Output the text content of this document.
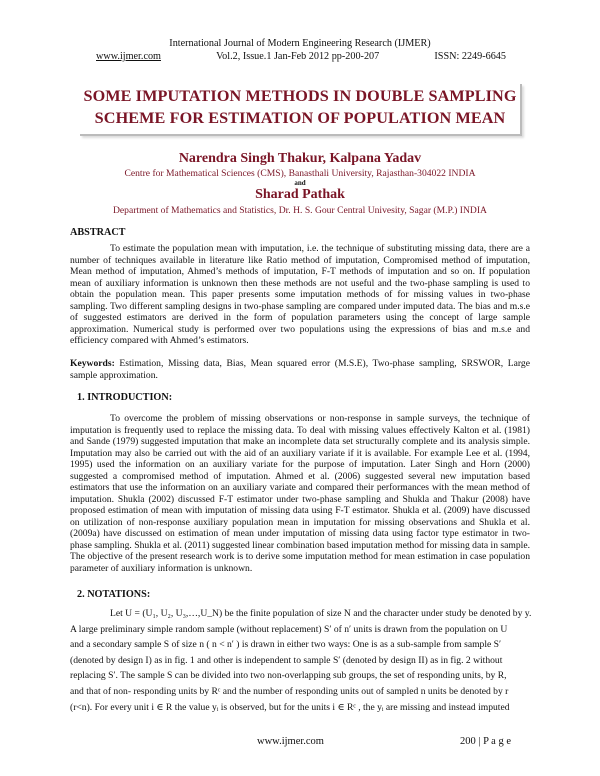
International Journal of Modern Engineering Research (IJMER)
www.ijmer.com	Vol.2, Issue.1 Jan-Feb 2012 pp-200-207	ISSN: 2249-6645
SOME IMPUTATION METHODS IN DOUBLE SAMPLING
SCHEME FOR ESTIMATION OF POPULATION MEAN
Narendra Singh Thakur, Kalpana Yadav
Centre for Mathematical Sciences (CMS), Banasthali University, Rajasthan-304022 INDIA
and
Sharad Pathak
Department of Mathematics and Statistics, Dr. H. S. Gour Central Univesity, Sagar (M.P.) INDIA
ABSTRACT

To estimate the population mean with imputation, i.e. the technique of substituting missing data, there are a number of techniques available in literature like Ratio method of imputation, Compromised method of imputation, Mean method of imputation, Ahmed’s methods of imputation, F-T methods of imputation and so on. If population mean of auxiliary information is unknown then these methods are not useful and the two-phase sampling is used to obtain the population mean. This paper presents some imputation methods of for missing values in two-phase sampling. Two different sampling designs in two-phase sampling are compared under imputed data. The bias and m.s.e of suggested estimators are derived in the form of population parameters using the concept of large sample approximation. Numerical study is performed over two populations using the expressions of bias and m.s.e and efficiency compared with Ahmed’s estimators.

Keywords: Estimation, Missing data, Bias, Mean squared error (M.S.E), Two-phase sampling, SRSWOR, Large sample approximation.
1. INTRODUCTION:

To overcome the problem of missing observations or non-response in sample surveys, the technique of imputation is frequently used to replace the missing data. To deal with missing values effectively Kalton et al. (1981) and Sande (1979) suggested imputation that make an incomplete data set structurally complete and its analysis simple. Imputation may also be carried out with the aid of an auxiliary variate if it is available. For example Lee et al. (1994, 1995) used the information on an auxiliary variate for the purpose of imputation. Later Singh and Horn (2000) suggested a compromised method of imputation. Ahmed et al. (2006) suggested several new imputation based estimators that use the information on an auxiliary variate and compared their performances with the mean method of imputation. Shukla (2002) discussed F-T estimator under two-phase sampling and Shukla and Thakur (2008) have proposed estimation of mean with imputation of missing data using F-T estimator. Shukla et al. (2009) have discussed on utilization of non-response auxiliary population mean in imputation for missing observations and Shukla et al. (2009a) have discussed on estimation of mean under imputation of missing data using factor type estimator in two-phase sampling. Shukla et al. (2011) suggested linear combination based imputation method for missing data in sample. The objective of the present research work is to derive some imputation method for mean estimation in case population parameter of auxiliary information is unknown.

2. NOTATIONS:
Let U = (U₁, U₂, U₃,…,U_N) be the finite population of size N and the character under study be denoted by y.
A large preliminary simple random sample (without replacement) S′ of n′ units is drawn from the population on U
and a secondary sample S of size n ( n < n′ ) is drawn in either two ways: One is as a sub-sample from sample S′
(denoted by design I) as in fig. 1 and other is independent to sample S′ (denoted by design II) as in fig. 2 without
replacing S′. The sample S can be divided into two non-overlapping sub groups, the set of responding units, by R,
and that of non- responding units by Rᶜ and the number of responding units out of sampled n units be denoted by r
(r<n). For every unit i ∈ R the value yᵢ is observed, but for the units i ∈ Rᶜ , the yᵢ are missing and instead imputed
www.ijmer.com	200 | P a g e
